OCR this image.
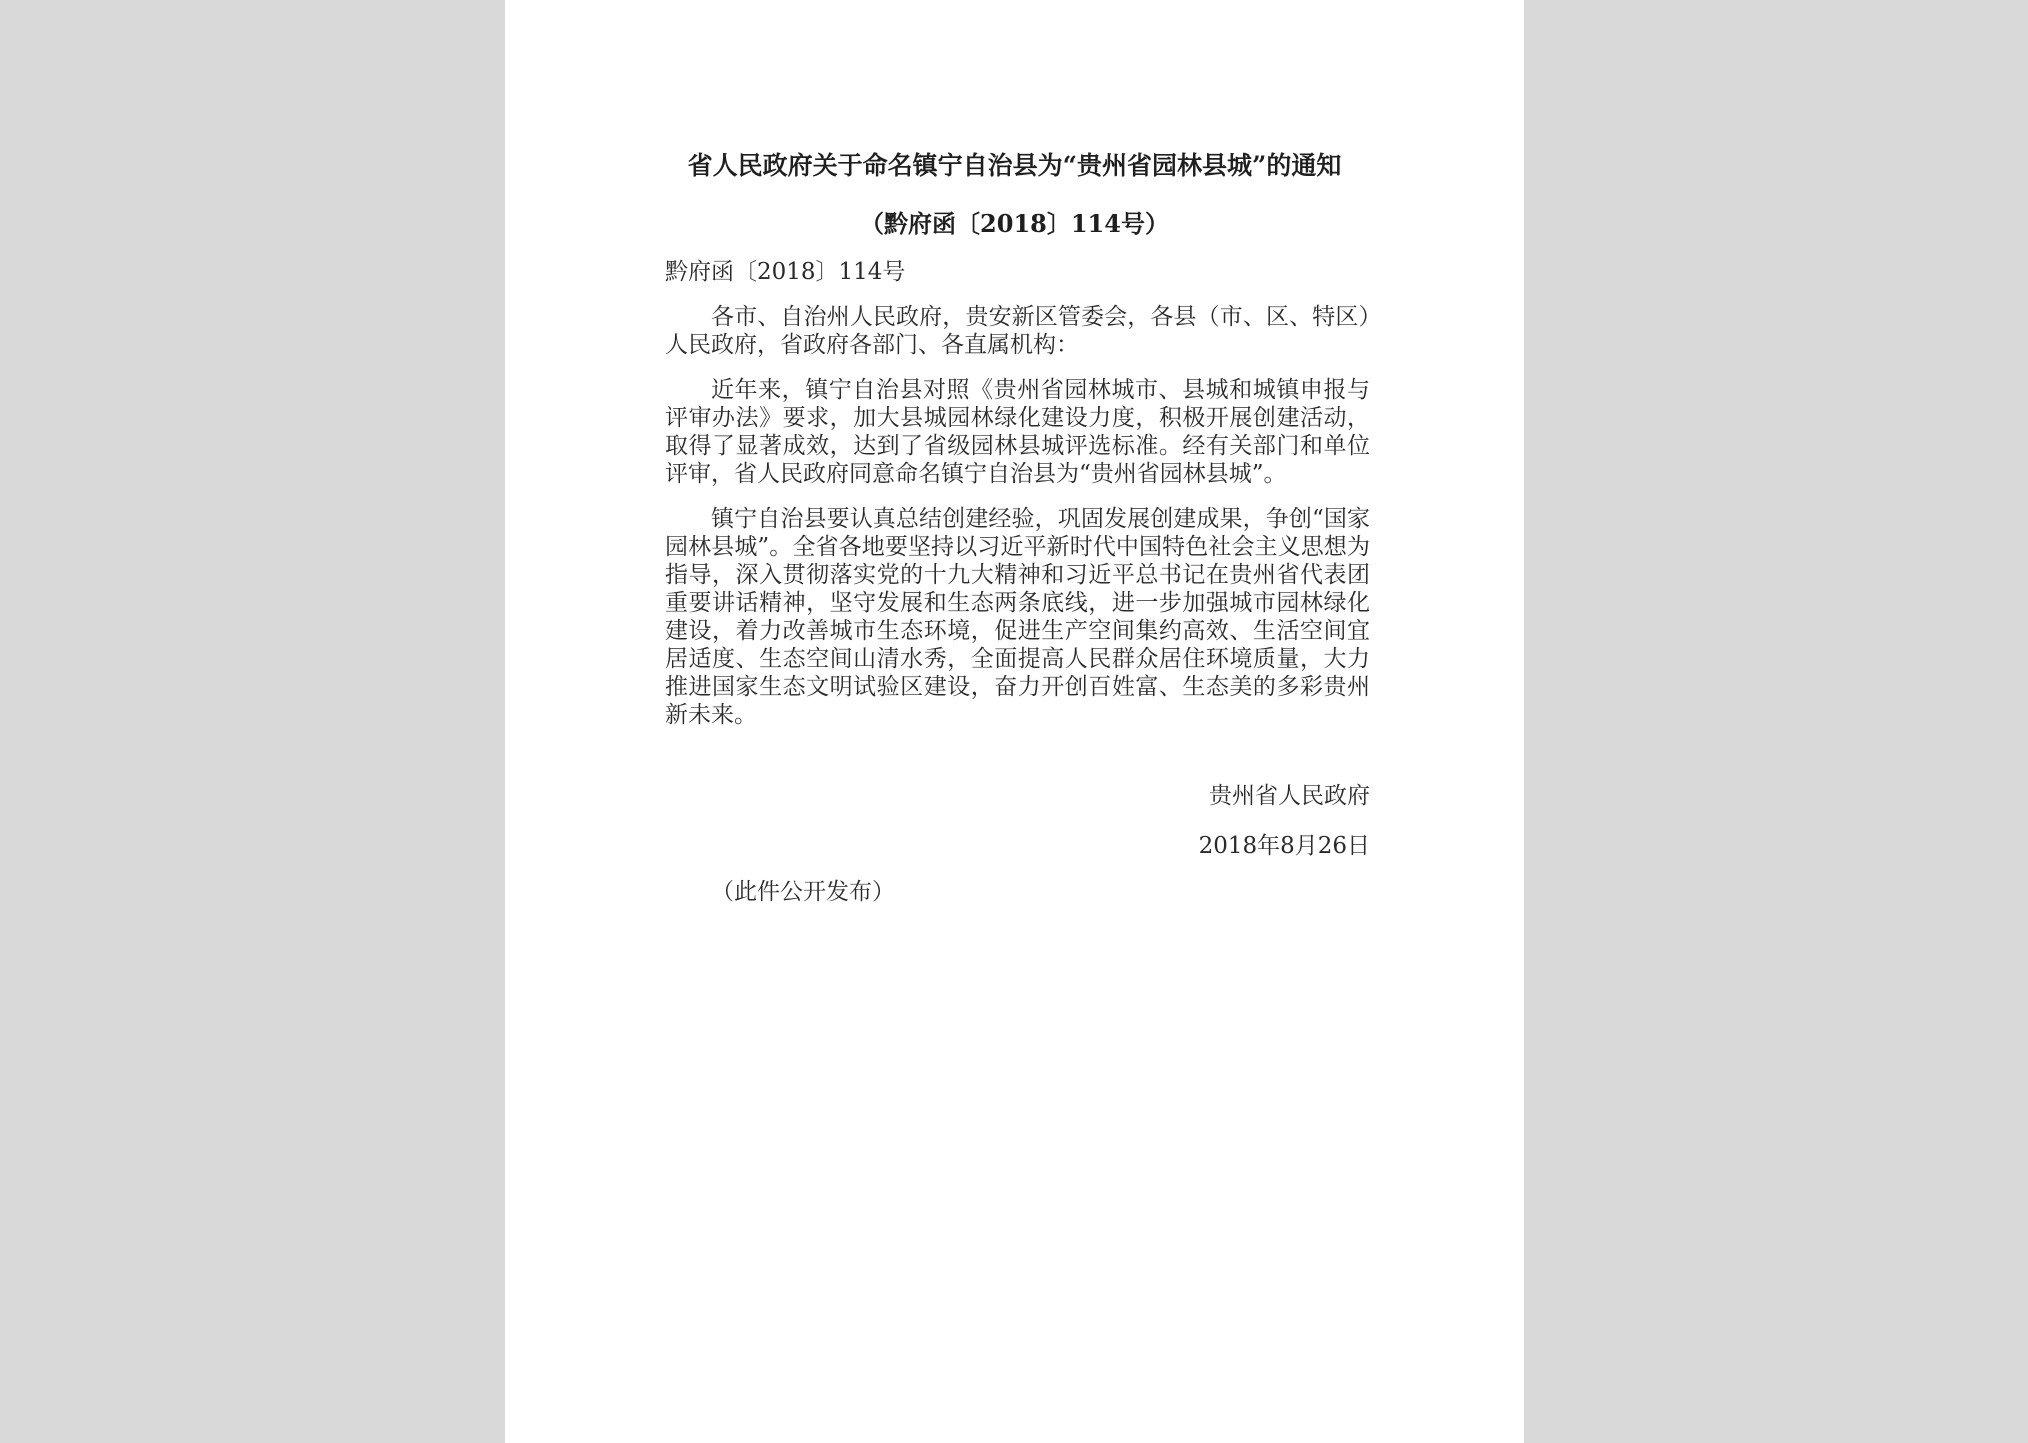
省人民政府关于命名镇宁自治县为“贵州省园林县城”的通知
（黔府函〔2018〕114号）

黔府函〔2018〕114号

各市、自治州人民政府，贵安新区管委会，各县（市、区、特区）人民政府，省政府各部门、各直属机构：

近年来，镇宁自治县对照《贵州省园林城市、县城和城镇申报与评审办法》要求，加大县城园林绿化建设力度，积极开展创建活动，取得了显著成效，达到了省级园林县城评选标准。经有关部门和单位评审，省人民政府同意命名镇宁自治县为“贵州省园林县城”。

镇宁自治县要认真总结创建经验，巩固发展创建成果，争创“国家园林县城”。全省各地要坚持以习近平新时代中国特色社会主义思想为指导，深入贯彻落实党的十九大精神和习近平总书记在贵州省代表团重要讲话精神，坚守发展和生态两条底线，进一步加强城市园林绿化建设，着力改善城市生态环境，促进生产空间集约高效、生活空间宜居适度、生态空间山清水秀，全面提高人民群众居住环境质量，大力推进国家生态文明试验区建设，奋力开创百姓富、生态美的多彩贵州新未来。

贵州省人民政府

2018年8月26日

（此件公开发布）
